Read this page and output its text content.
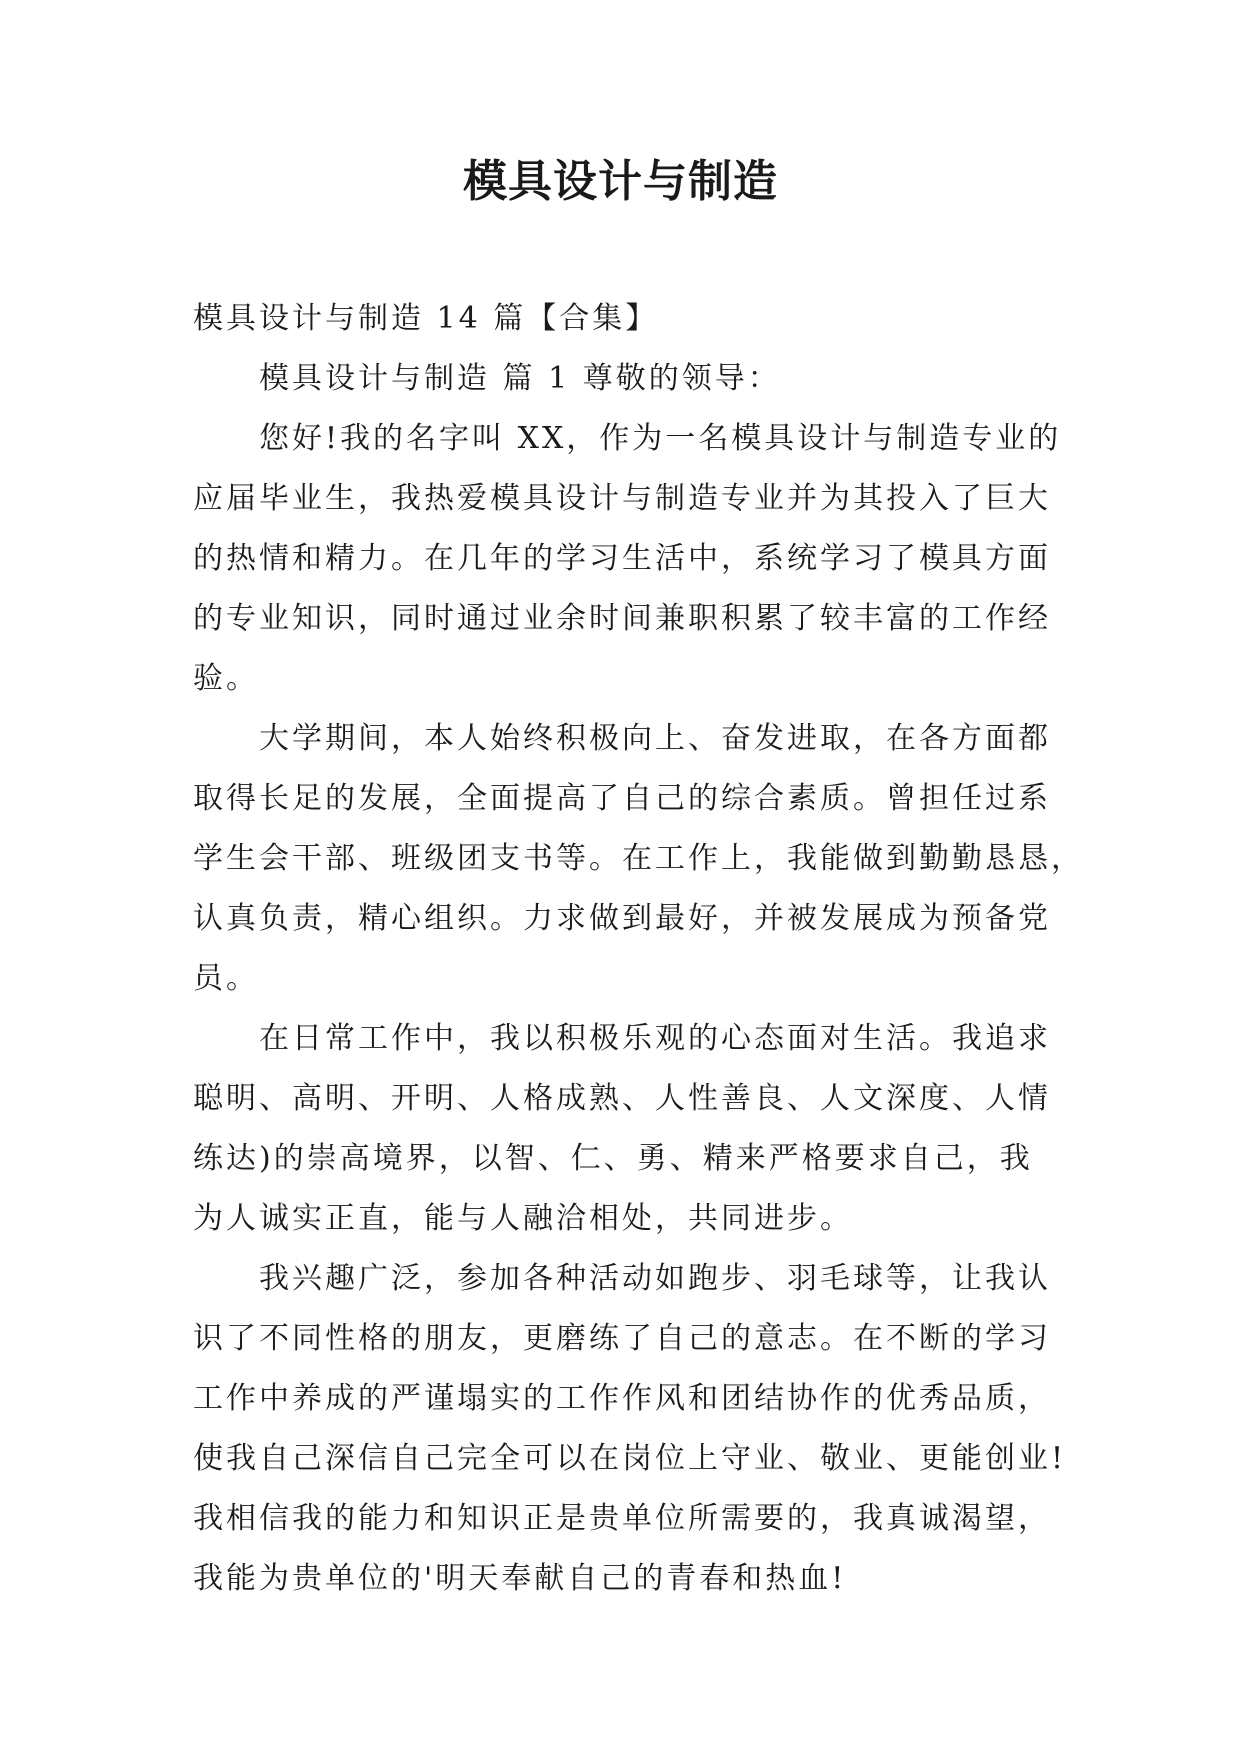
模具设计与制造
模具设计与制造 14 篇【合集】
模具设计与制造 篇 1 尊敬的领导：
您好!我的名字叫 XX，作为一名模具设计与制造专业的
应届毕业生，我热爱模具设计与制造专业并为其投入了巨大
的热情和精力。在几年的学习生活中，系统学习了模具方面
的专业知识，同时通过业余时间兼职积累了较丰富的工作经
验。
大学期间，本人始终积极向上、奋发进取，在各方面都
取得长足的发展，全面提高了自己的综合素质。曾担任过系
学生会干部、班级团支书等。在工作上，我能做到勤勤恳恳，
认真负责，精心组织。力求做到最好，并被发展成为预备党
员。
在日常工作中，我以积极乐观的心态面对生活。我追求
聪明、高明、开明、人格成熟、人性善良、人文深度、人情
练达)的崇高境界，以智、仁、勇、精来严格要求自己，我
为人诚实正直，能与人融洽相处，共同进步。
我兴趣广泛，参加各种活动如跑步、羽毛球等，让我认
识了不同性格的朋友，更磨练了自己的意志。在不断的学习
工作中养成的严谨塌实的工作作风和团结协作的优秀品质，
使我自己深信自己完全可以在岗位上守业、敬业、更能创业!
我相信我的能力和知识正是贵单位所需要的，我真诚渴望，
我能为贵单位的'明天奉献自己的青春和热血!
